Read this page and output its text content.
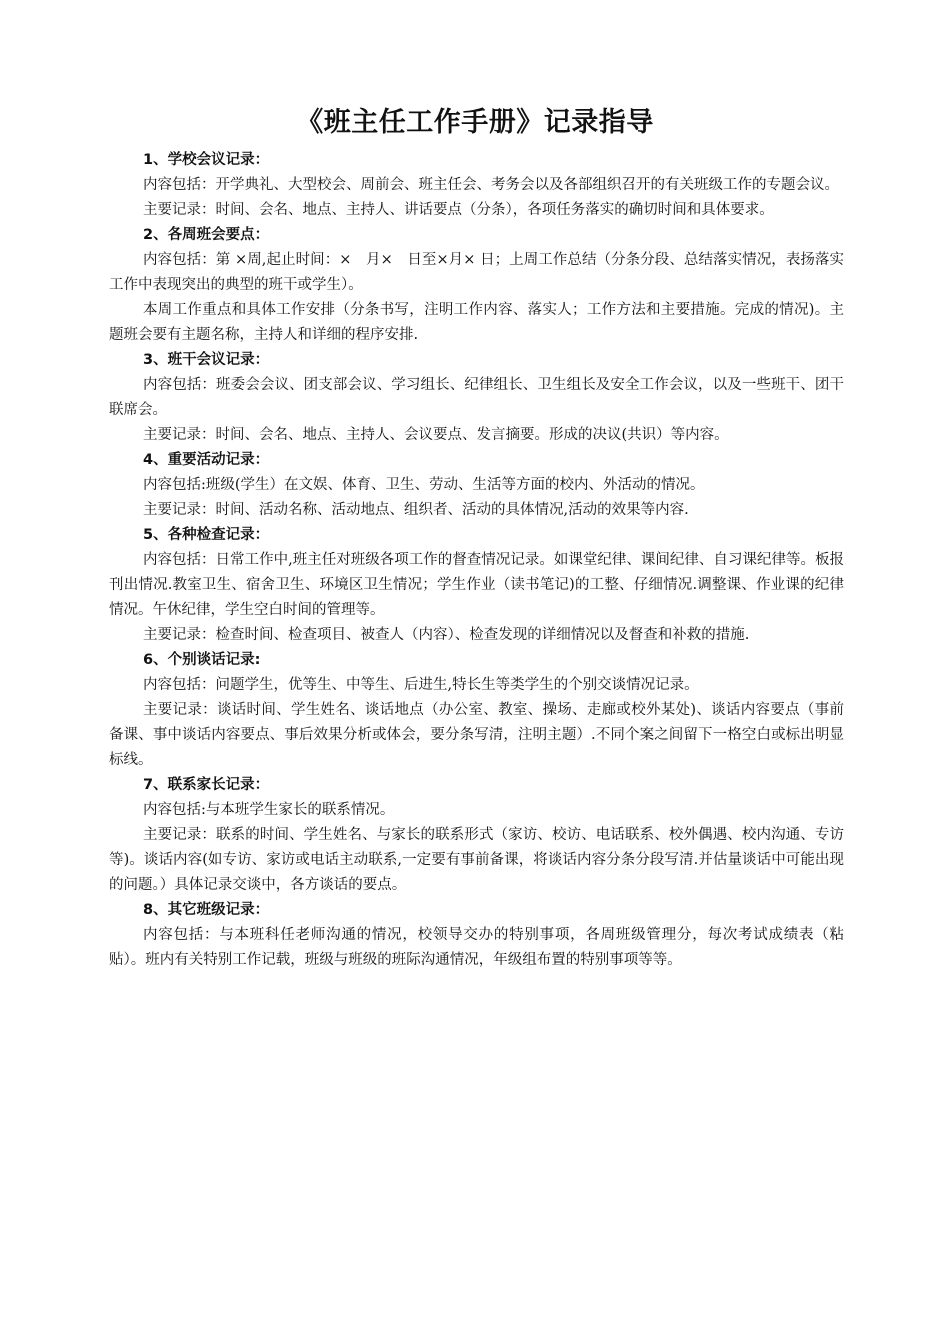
《班主任工作手册》记录指导

1、学校会议记录：

内容包括：开学典礼、大型校会、周前会、班主任会、考务会以及各部组织召开的有关班级工作的专题会议。

主要记录：时间、会名、地点、主持人、讲话要点（分条），各项任务落实的确切时间和具体要求。

2、各周班会要点：

内容包括：第 ×周,起止时间：×　月×　日至×月× 日；上周工作总结（分条分段、总结落实情况，表扬落实工作中表现突出的典型的班干或学生）。

本周工作重点和具体工作安排（分条书写，注明工作内容、落实人；工作方法和主要措施。完成的情况)。主题班会要有主题名称，主持人和详细的程序安排.

3、班干会议记录：

内容包括：班委会会议、团支部会议、学习组长、纪律组长、卫生组长及安全工作会议，以及一些班干、团干联席会。

主要记录：时间、会名、地点、主持人、会议要点、发言摘要。形成的决议(共识）等内容。

4、重要活动记录：

内容包括:班级(学生）在文娱、体育、卫生、劳动、生活等方面的校内、外活动的情况。

主要记录：时间、活动名称、活动地点、组织者、活动的具体情况,活动的效果等内容.

5、各种检查记录：

内容包括：日常工作中,班主任对班级各项工作的督查情况记录。如课堂纪律、课间纪律、自习课纪律等。板报刊出情况.教室卫生、宿舍卫生、环境区卫生情况；学生作业（读书笔记)的工整、仔细情况.调整课、作业课的纪律情况。午休纪律，学生空白时间的管理等。

主要记录：检查时间、检查项目、被查人（内容）、检查发现的详细情况以及督查和补救的措施.

6、个别谈话记录:

内容包括：问题学生，优等生、中等生、后进生,特长生等类学生的个别交谈情况记录。

主要记录：谈话时间、学生姓名、谈话地点（办公室、教室、操场、走廊或校外某处)、谈话内容要点（事前备课、事中谈话内容要点、事后效果分析或体会，要分条写清，注明主题）.不同个案之间留下一格空白或标出明显标线。

7、联系家长记录：

内容包括:与本班学生家长的联系情况。

主要记录：联系的时间、学生姓名、与家长的联系形式（家访、校访、电话联系、校外偶遇、校内沟通、专访等)。谈话内容(如专访、家访或电话主动联系,一定要有事前备课，将谈话内容分条分段写清.并估量谈话中可能出现的问题。）具体记录交谈中，各方谈话的要点。

8、其它班级记录：

内容包括：与本班科任老师沟通的情况，校领导交办的特别事项，各周班级管理分，每次考试成绩表（粘贴）。班内有关特别工作记载，班级与班级的班际沟通情况，年级组布置的特别事项等等。
